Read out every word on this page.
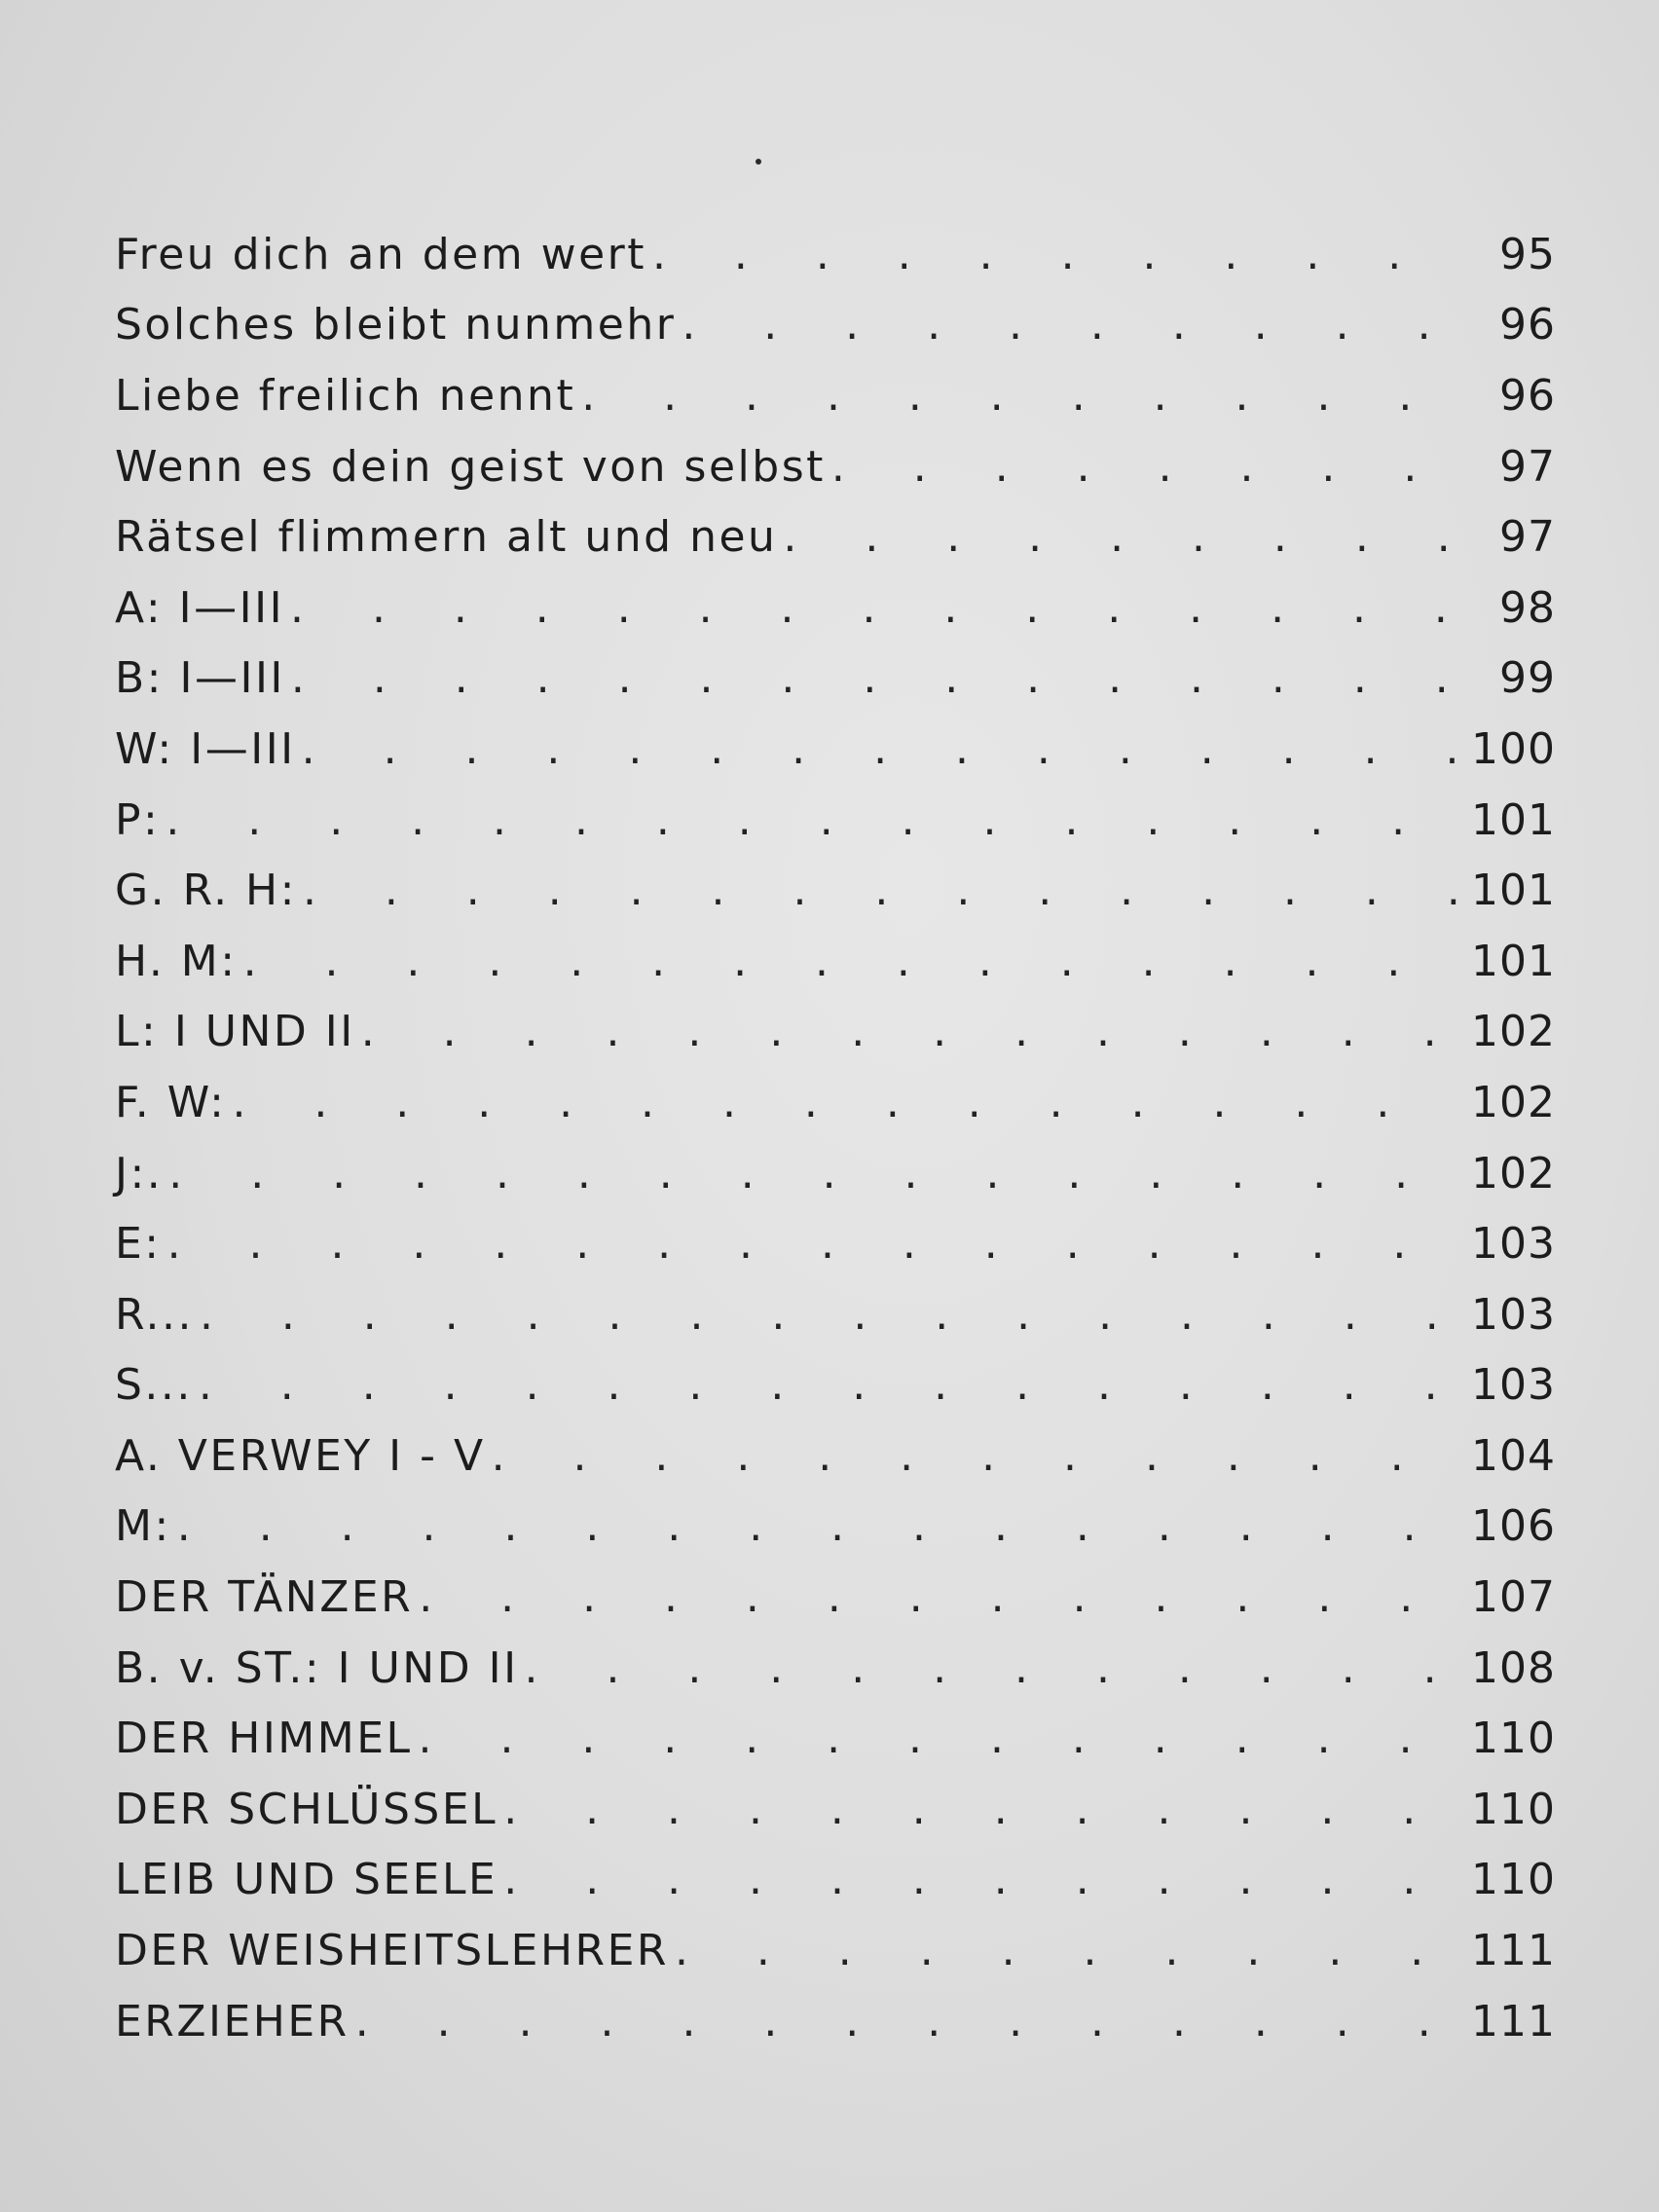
Freu dich an dem wert .	95
Solches bleibt nunmehr .	96
Liebe freilich nennt .	96
Wenn es dein geist von selbst .	97
Rätsel flimmern alt und neu .	97
A: I—III .	98
B: I—III .	99
W: I—III .	100
P: .	101
G. R. H: .	101
H. M: .	101
L: I UND II .	102
F. W: .	102
J:. .	102
E: .	103
R... .	103
S... .	103
A. VERWEY I - V .	104
M: .	106
DER TÄNZER .	107
B. v. ST.: I UND II .	108
DER HIMMEL .	110
DER SCHLÜSSEL .	110
LEIB UND SEELE .	110
DER WEISHEITSLEHRER .	111
ERZIEHER .	111
